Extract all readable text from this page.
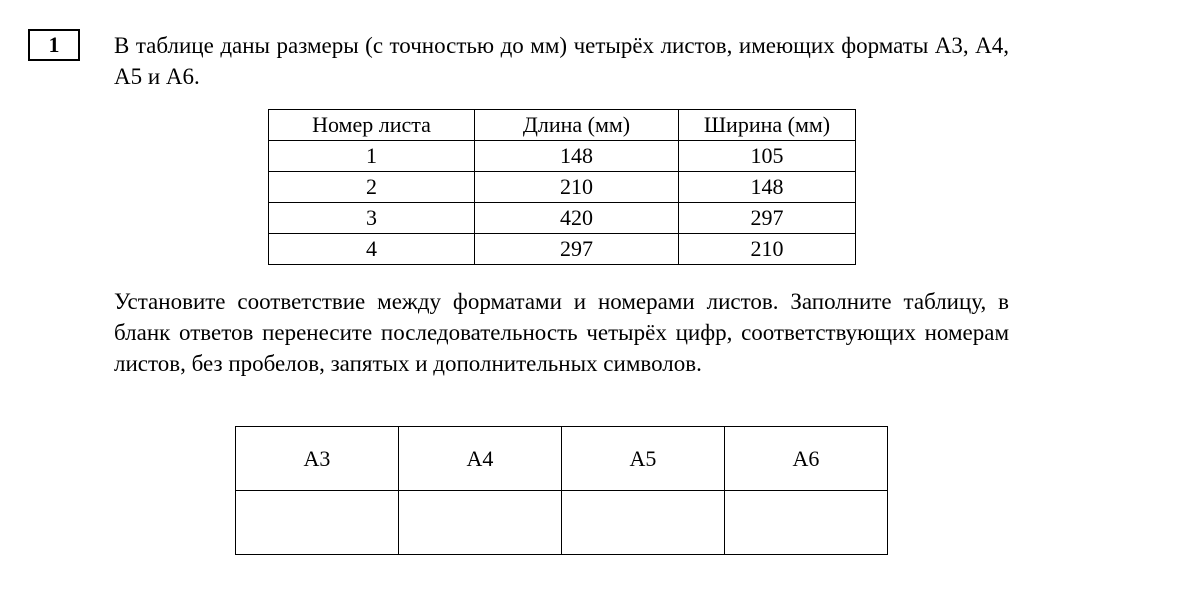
1	В таблице даны размеры (с точностью до мм) четырёх листов, имеющих форматы А3, А4, А5 и А6.

Номер листа	Длина (мм)	Ширина (мм)
1	148	105
2	210	148
3	420	297
4	297	210

Установите соответствие между форматами и номерами листов. Заполните таблицу, в бланк ответов перенесите последовательность четырёх цифр, соответствующих номерам листов, без пробелов, запятых и дополнительных символов.

А3	А4	А5	А6
